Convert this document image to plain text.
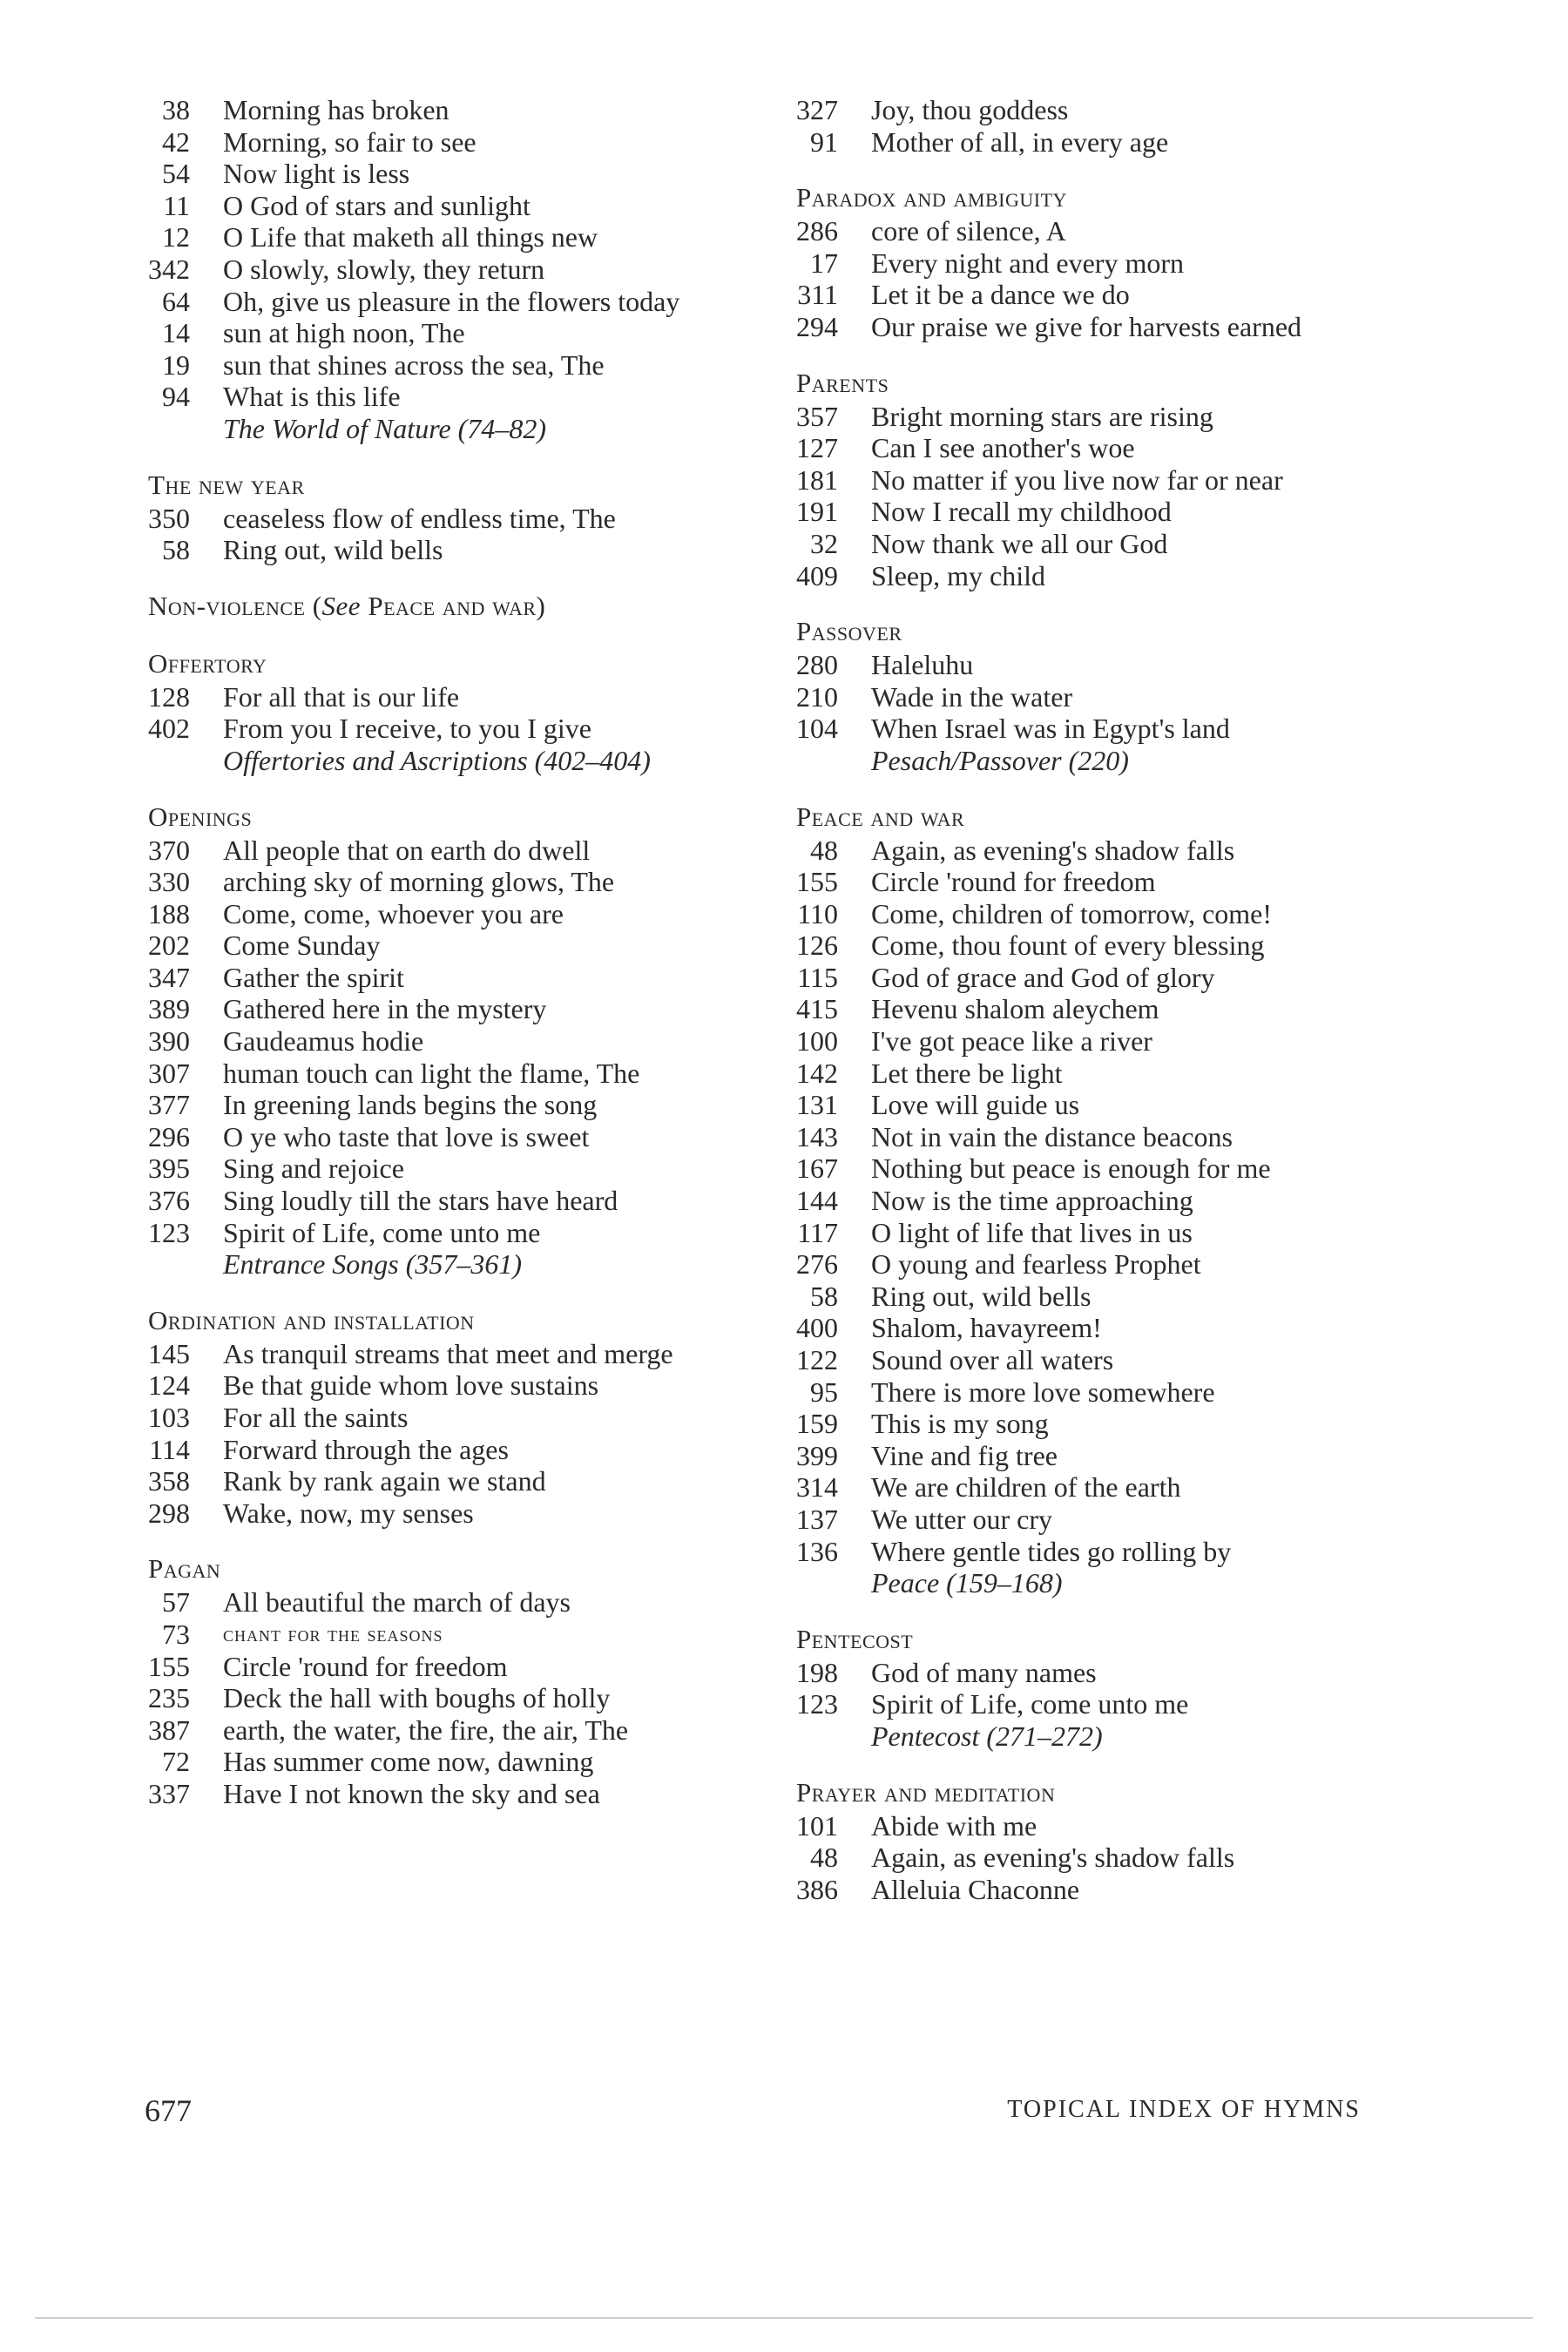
38 Morning has broken
42 Morning, so fair to see
54 Now light is less
11 O God of stars and sunlight
12 O Life that maketh all things new
342 O slowly, slowly, they return
64 Oh, give us pleasure in the flowers today
14 sun at high noon, The
19 sun that shines across the sea, The
94 What is this life
The World of Nature (74–82)
The new year
350 ceaseless flow of endless time, The
58 Ring out, wild bells
Non-violence (See Peace and war)
Offertory
128 For all that is our life
402 From you I receive, to you I give
Offertories and Ascriptions (402–404)
Openings
370 All people that on earth do dwell
330 arching sky of morning glows, The
188 Come, come, whoever you are
202 Come Sunday
347 Gather the spirit
389 Gathered here in the mystery
390 Gaudeamus hodie
307 human touch can light the flame, The
377 In greening lands begins the song
296 O ye who taste that love is sweet
395 Sing and rejoice
376 Sing loudly till the stars have heard
123 Spirit of Life, come unto me
Entrance Songs (357–361)
Ordination and installation
145 As tranquil streams that meet and merge
124 Be that guide whom love sustains
103 For all the saints
114 Forward through the ages
358 Rank by rank again we stand
298 Wake, now, my senses
Pagan
57 All beautiful the march of days
73 chant for the seasons
155 Circle 'round for freedom
235 Deck the hall with boughs of holly
387 earth, the water, the fire, the air, The
72 Has summer come now, dawning
337 Have I not known the sky and sea
327 Joy, thou goddess
91 Mother of all, in every age
Paradox and ambiguity
286 core of silence, A
17 Every night and every morn
311 Let it be a dance we do
294 Our praise we give for harvests earned
Parents
357 Bright morning stars are rising
127 Can I see another's woe
181 No matter if you live now far or near
191 Now I recall my childhood
32 Now thank we all our God
409 Sleep, my child
Passover
280 Haleluhu
210 Wade in the water
104 When Israel was in Egypt's land
Pesach/Passover (220)
Peace and war
48 Again, as evening's shadow falls
155 Circle 'round for freedom
110 Come, children of tomorrow, come!
126 Come, thou fount of every blessing
115 God of grace and God of glory
415 Hevenu shalom aleychem
100 I've got peace like a river
142 Let there be light
131 Love will guide us
143 Not in vain the distance beacons
167 Nothing but peace is enough for me
144 Now is the time approaching
117 O light of life that lives in us
276 O young and fearless Prophet
58 Ring out, wild bells
400 Shalom, havayreem!
122 Sound over all waters
95 There is more love somewhere
159 This is my song
399 Vine and fig tree
314 We are children of the earth
137 We utter our cry
136 Where gentle tides go rolling by
Peace (159–168)
Pentecost
198 God of many names
123 Spirit of Life, come unto me
Pentecost (271–272)
Prayer and meditation
101 Abide with me
48 Again, as evening's shadow falls
386 Alleluia Chaconne
677	TOPICAL INDEX OF HYMNS
